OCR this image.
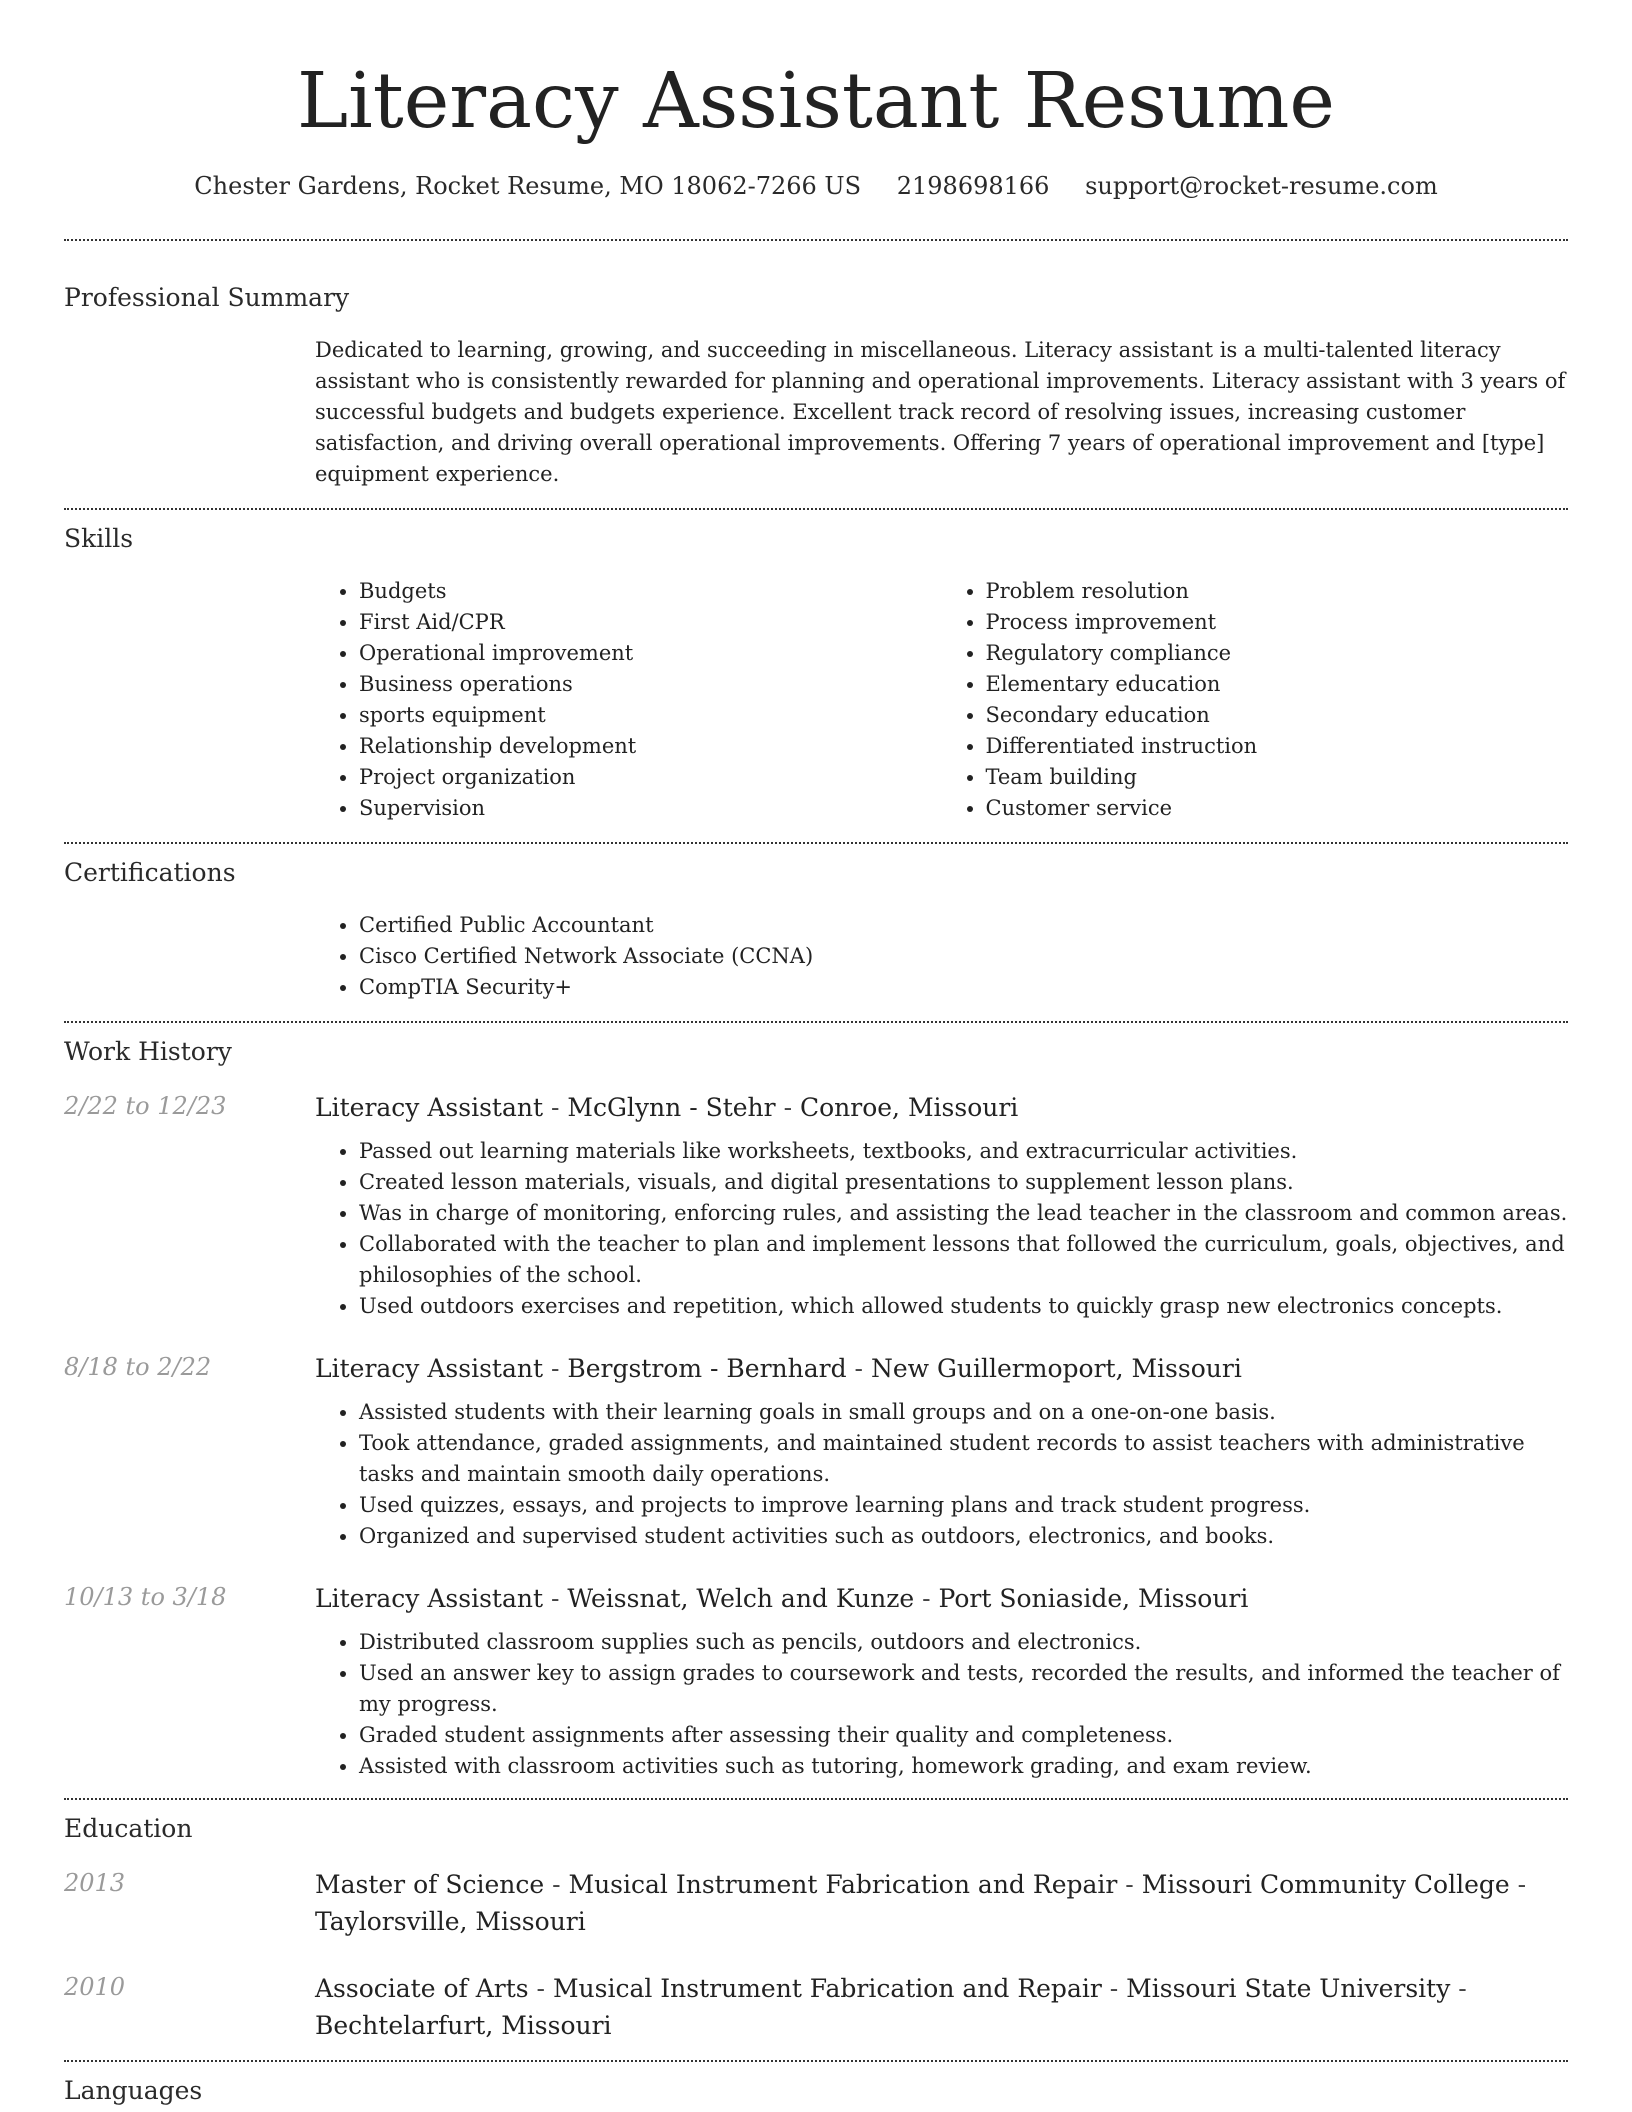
Literacy Assistant Resume
Chester Gardens, Rocket Resume, MO 18062-7266 US 2198698166 support@rocket-resume.com
Professional Summary

Dedicated to learning, growing, and succeeding in miscellaneous. Literacy assistant is a multi-talented literacy assistant who is consistently rewarded for planning and operational improvements. Literacy assistant with 3 years of successful budgets and budgets experience. Excellent track record of resolving issues, increasing customer satisfaction, and driving overall operational improvements. Offering 7 years of operational improvement and [type] equipment experience.

Skills
• Budgets
• First Aid/CPR
• Operational improvement
• Business operations
• sports equipment
• Relationship development
• Project organization
• Supervision
• Problem resolution
• Process improvement
• Regulatory compliance
• Elementary education
• Secondary education
• Differentiated instruction
• Team building
• Customer service
Certifications
• Certified Public Accountant
• Cisco Certified Network Associate (CCNA)
• CompTIA Security+
Work History
2/22 to 12/23	Literacy Assistant - McGlynn - Stehr - Conroe, Missouri
• Passed out learning materials like worksheets, textbooks, and extracurricular activities.
• Created lesson materials, visuals, and digital presentations to supplement lesson plans.
• Was in charge of monitoring, enforcing rules, and assisting the lead teacher in the classroom and common areas.
• Collaborated with the teacher to plan and implement lessons that followed the curriculum, goals, objectives, and philosophies of the school.
• Used outdoors exercises and repetition, which allowed students to quickly grasp new electronics concepts.
8/18 to 2/22	Literacy Assistant - Bergstrom - Bernhard - New Guillermoport, Missouri
• Assisted students with their learning goals in small groups and on a one-on-one basis.
• Took attendance, graded assignments, and maintained student records to assist teachers with administrative tasks and maintain smooth daily operations.
• Used quizzes, essays, and projects to improve learning plans and track student progress.
• Organized and supervised student activities such as outdoors, electronics, and books.
10/13 to 3/18	Literacy Assistant - Weissnat, Welch and Kunze - Port Soniaside, Missouri
• Distributed classroom supplies such as pencils, outdoors and electronics.
• Used an answer key to assign grades to coursework and tests, recorded the results, and informed the teacher of my progress.
• Graded student assignments after assessing their quality and completeness.
• Assisted with classroom activities such as tutoring, homework grading, and exam review.
Education
2013	Master of Science - Musical Instrument Fabrication and Repair - Missouri Community College - Taylorsville, Missouri
2010	Associate of Arts - Musical Instrument Fabrication and Repair - Missouri State University - Bechtelarfurt, Missouri
Languages
